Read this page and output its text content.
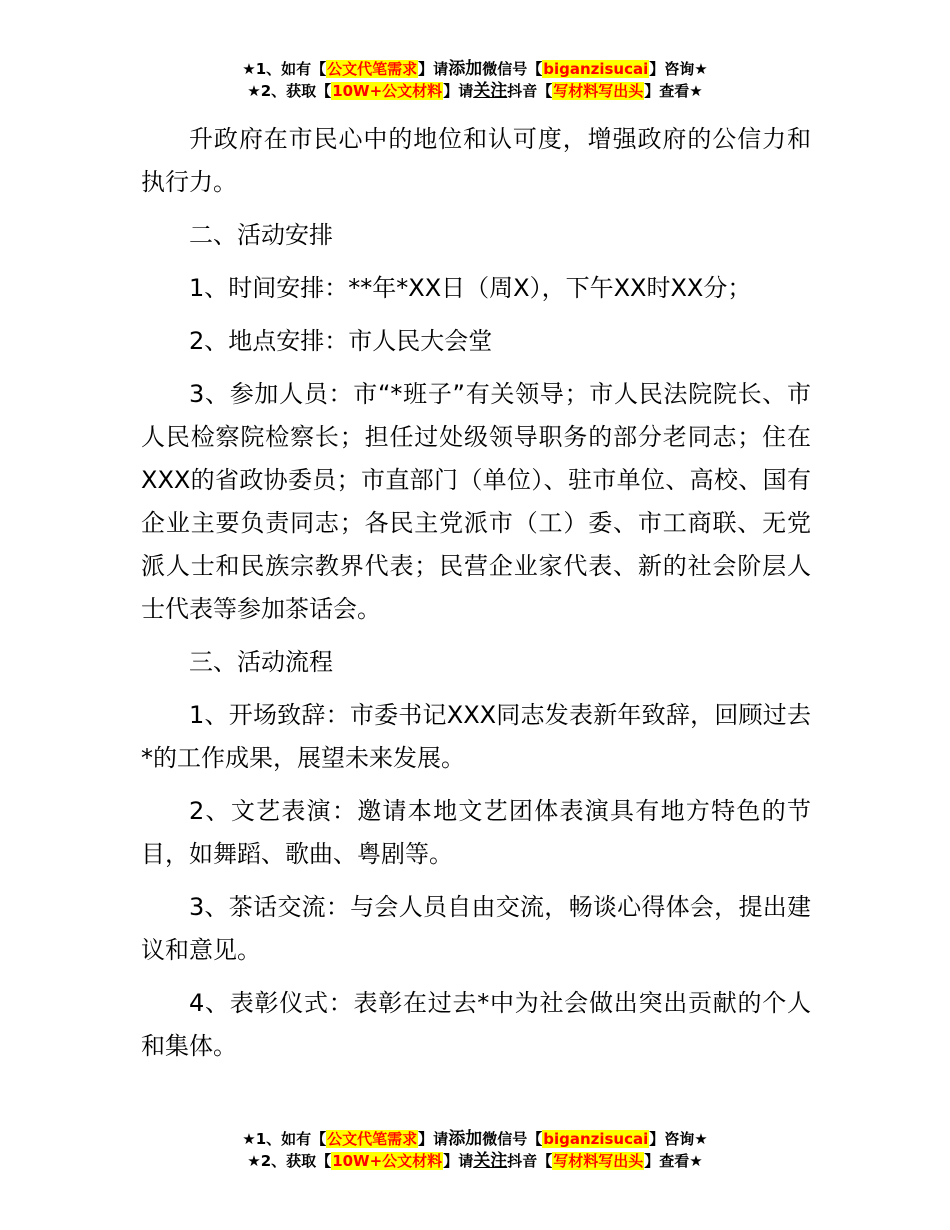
★1、如有【公文代笔需求】请添加微信号【biganzisucai】咨询★
★2、获取【10W+公文材料】请关注抖音【写材料写出头】查看★

升政府在市民心中的地位和认可度，增强政府的公信力和执行力。

二、活动安排

1、时间安排：**年*XX日（周X），下午XX时XX分；

2、地点安排：市人民大会堂

3、参加人员：市“*班子”有关领导；市人民法院院长、市人民检察院检察长；担任过处级领导职务的部分老同志；住在XXX的省政协委员；市直部门（单位）、驻市单位、高校、国有企业主要负责同志；各民主党派市（工）委、市工商联、无党派人士和民族宗教界代表；民营企业家代表、新的社会阶层人士代表等参加茶话会。

三、活动流程

1、开场致辞：市委书记XXX同志发表新年致辞，回顾过去*的工作成果，展望未来发展。

2、文艺表演：邀请本地文艺团体表演具有地方特色的节目，如舞蹈、歌曲、粤剧等。

3、茶话交流：与会人员自由交流，畅谈心得体会，提出建议和意见。

4、表彰仪式：表彰在过去*中为社会做出突出贡献的个人和集体。

★1、如有【公文代笔需求】请添加微信号【biganzisucai】咨询★
★2、获取【10W+公文材料】请关注抖音【写材料写出头】查看★
